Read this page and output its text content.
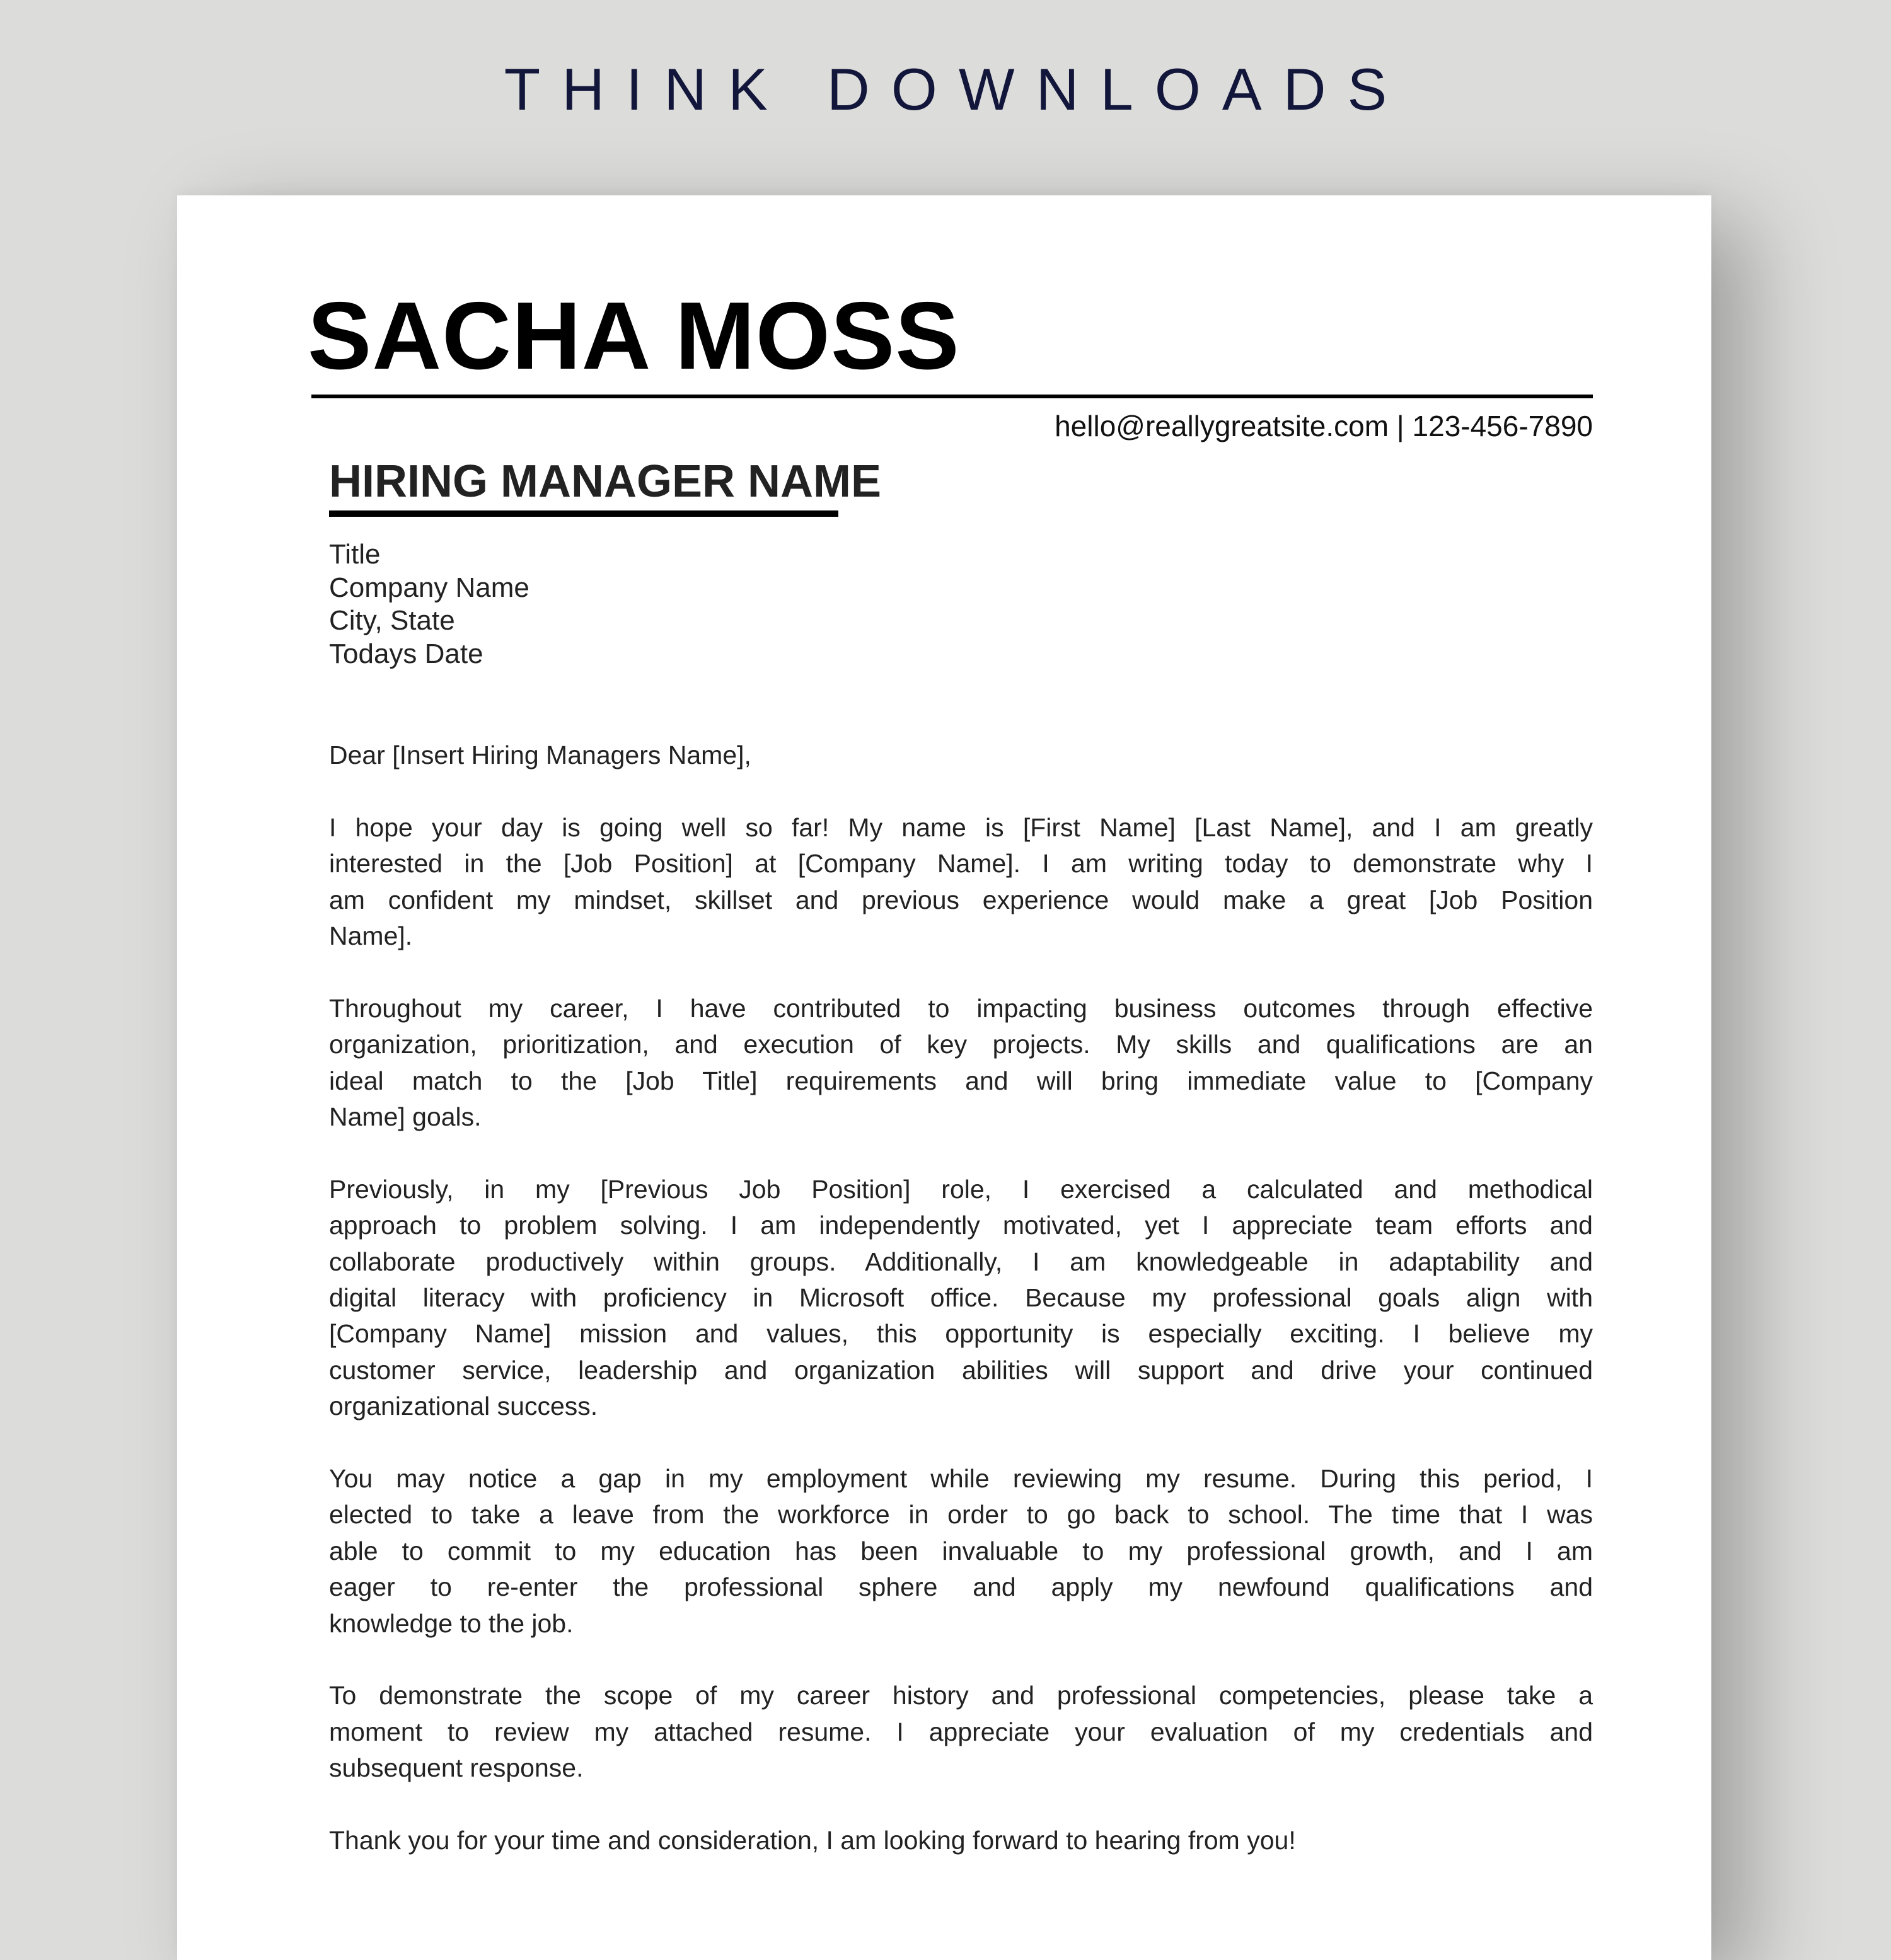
THINK DOWNLOADS
SACHA MOSS
hello@reallygreatsite.com | 123-456-7890
HIRING MANAGER NAME
Title
Company Name
City, State
Todays Date
Dear [Insert Hiring Managers Name],
I hope your day is going well so far! My name is [First Name] [Last Name], and I am greatly
interested in the [Job Position] at [Company Name]. I am writing today to demonstrate why I
am confident my mindset, skillset and previous experience would make a great [Job Position
Name].
Throughout my career, I have contributed to impacting business outcomes through effective
organization, prioritization, and execution of key projects. My skills and qualifications are an
ideal match to the [Job Title] requirements and will bring immediate value to [Company
Name] goals.
Previously, in my [Previous Job Position] role, I exercised a calculated and methodical
approach to problem solving. I am independently motivated, yet I appreciate team efforts and
collaborate productively within groups. Additionally, I am knowledgeable in adaptability and
digital literacy with proficiency in Microsoft office. Because my professional goals align with
[Company Name] mission and values, this opportunity is especially exciting. I believe my
customer service, leadership and organization abilities will support and drive your continued
organizational success.
You may notice a gap in my employment while reviewing my resume. During this period, I
elected to take a leave from the workforce in order to go back to school. The time that I was
able to commit to my education has been invaluable to my professional growth, and I am
eager to re-enter the professional sphere and apply my newfound qualifications and
knowledge to the job.
To demonstrate the scope of my career history and professional competencies, please take a
moment to review my attached resume. I appreciate your evaluation of my credentials and
subsequent response.
Thank you for your time and consideration, I am looking forward to hearing from you!
